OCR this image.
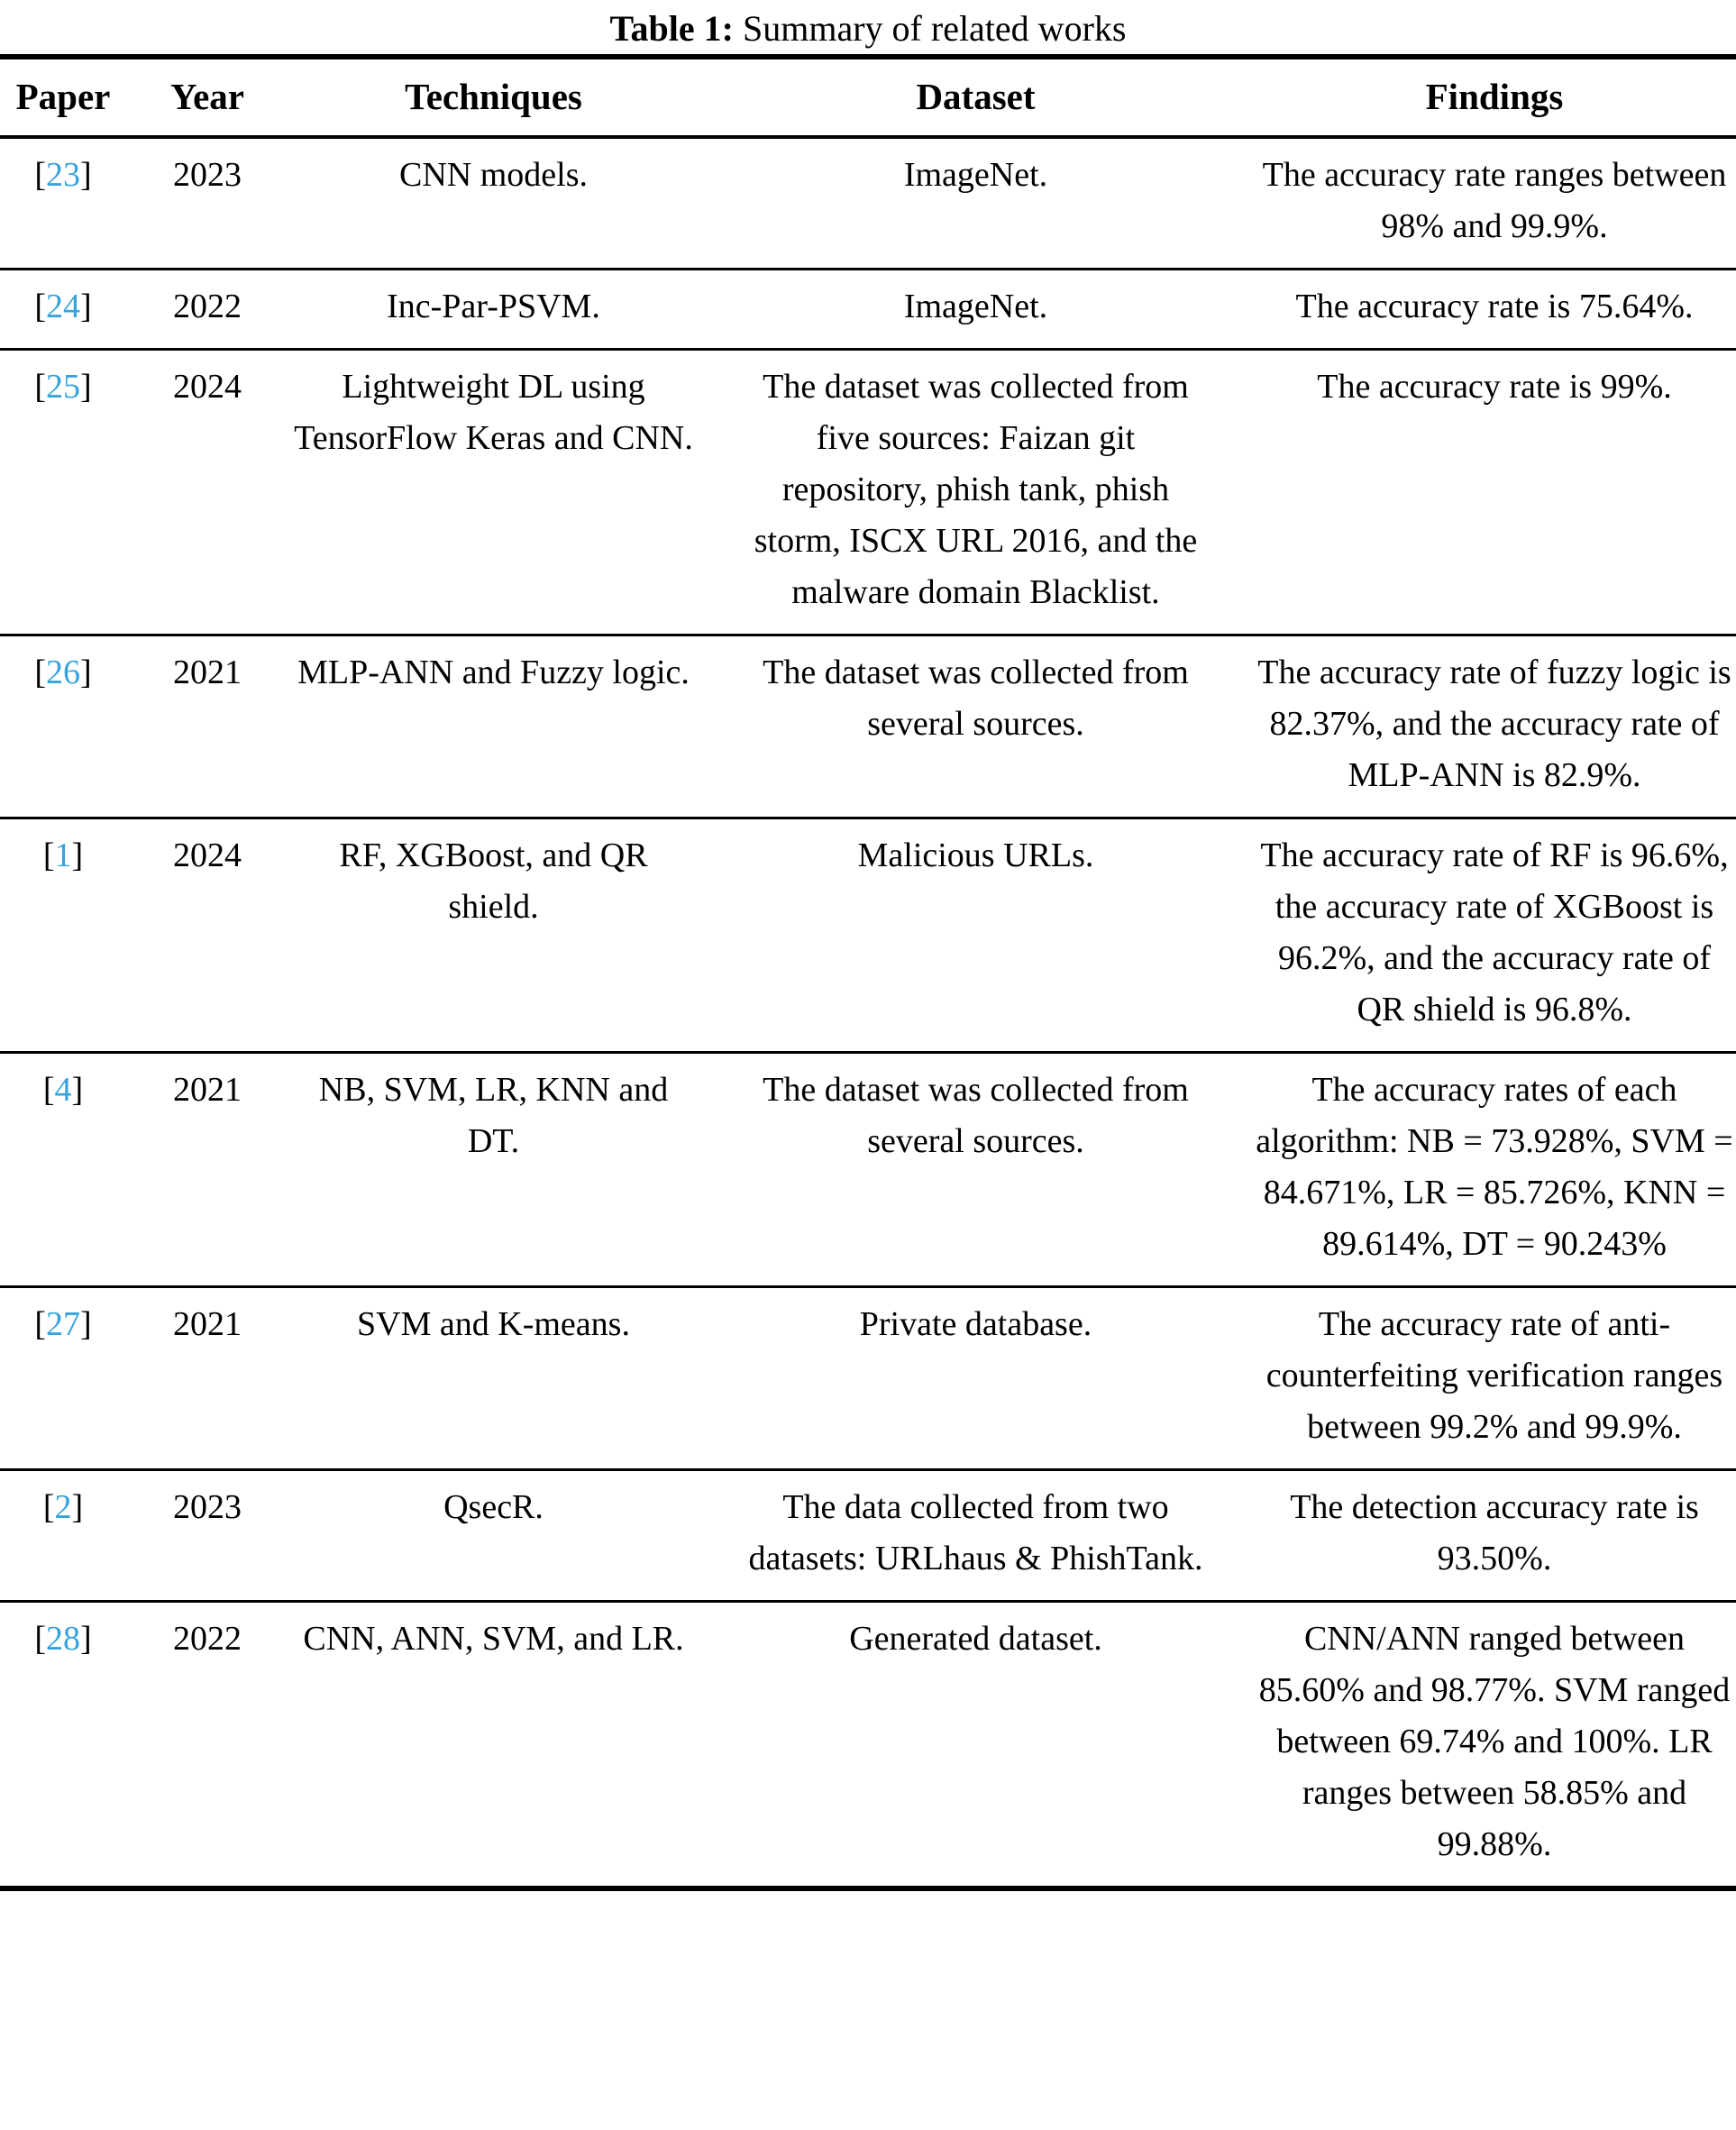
Table 1: Summary of related works
Paper	Year	Techniques	Dataset	Findings
[23]	2023	CNN models.	ImageNet.	The accuracy rate ranges between 98% and 99.9%.

[24]	2022	Inc-Par-PSVM.	ImageNet.	The accuracy rate is 75.64%.

[25]	2024	Lightweight DL using TensorFlow Keras and CNN.	The dataset was collected from five sources: Faizan git repository, phish tank, phish storm, ISCX URL 2016, and the malware domain Blacklist.	The accuracy rate is 99%.

[26]	2021	MLP-ANN and Fuzzy logic.	The dataset was collected from several sources.	The accuracy rate of fuzzy logic is 82.37%, and the accuracy rate of MLP-ANN is 82.9%.

[1]	2024	RF, XGBoost, and QR shield.	Malicious URLs.	The accuracy rate of RF is 96.6%, the accuracy rate of XGBoost is 96.2%, and the accuracy rate of QR shield is 96.8%.

[4]	2021	NB, SVM, LR, KNN and DT.	The dataset was collected from several sources.	The accuracy rates of each algorithm: NB = 73.928%, SVM = 84.671%, LR = 85.726%, KNN = 89.614%, DT = 90.243%

[27]	2021	SVM and K-means.	Private database.	The accuracy rate of anti-counterfeiting verification ranges between 99.2% and 99.9%.

[2]	2023	QsecR.	The data collected from two datasets: URLhaus & PhishTank.	The detection accuracy rate is 93.50%.

[28]	2022	CNN, ANN, SVM, and LR.	Generated dataset.	CNN/ANN ranged between 85.60% and 98.77%. SVM ranged between 69.74% and 100%. LR ranges between 58.85% and 99.88%.
